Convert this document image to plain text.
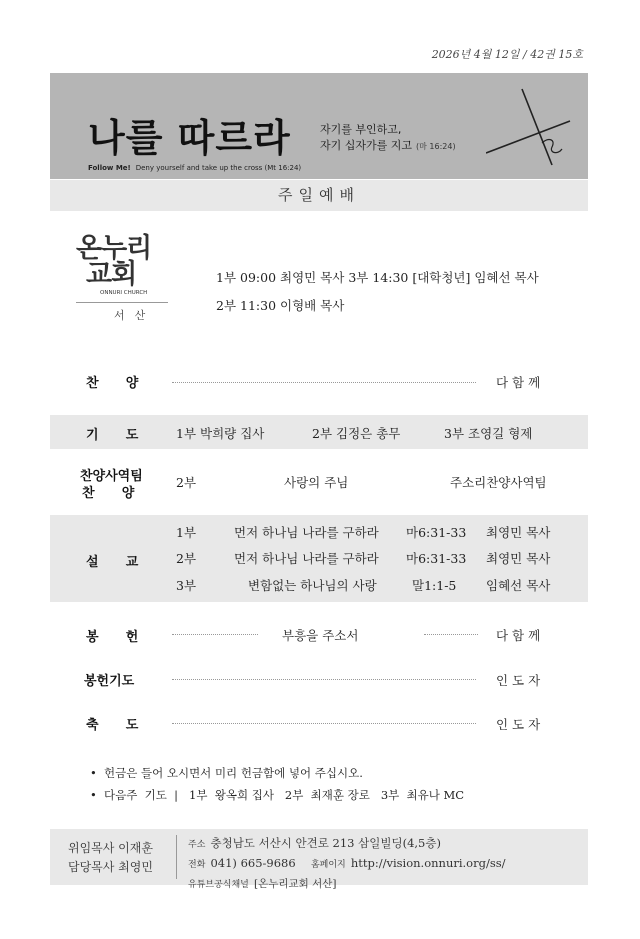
2026년 4월 12일 / 42권 15호
나를 따르라	자기를 부인하고,
자기 십자가를 지고 (마 16:24)
Follow Me! Deny yourself and take up the cross (Mt 16:24)
주일예배
온누리
교회
ONNURI CHURCH
서산
1부 09:00 최영민 목사 3부 14:30 [대학청년] 임혜선 목사
2부 11:30 이형배 목사
찬      양	다 함 께
기      도	1부 박희량 집사	2부 김정은 총무	3부 조영길 형제
찬양사역팀
찬      양
2부	사랑의 주님	주소리찬양사역팀
설      교
1부	먼저 하나님 나라를 구하라 마6:31-33 최영민 목사
2부	먼저 하나님 나라를 구하라 마6:31-33 최영민 목사
3부	변함없는 하나님의 사랑	말1:1-5 임혜선 목사
봉      헌	부흥을 주소서	다 함 께
봉헌기도	인 도 자
축      도	인 도 자
• 헌금은 들어 오시면서 미리 헌금함에 넣어 주십시오.
• 다음주  기도  |   1부  왕옥희 집사   2부  최재훈 장로   3부  최유나 MC
위임목사 이재훈
담당목사 최영민
주소 충청남도 서산시 안견로 213 삼일빌딩(4,5층)
전화 041) 665-9686 홈페이지 http://vision.onnuri.org/ss/
유튜브공식채널 [온누리교회 서산]
